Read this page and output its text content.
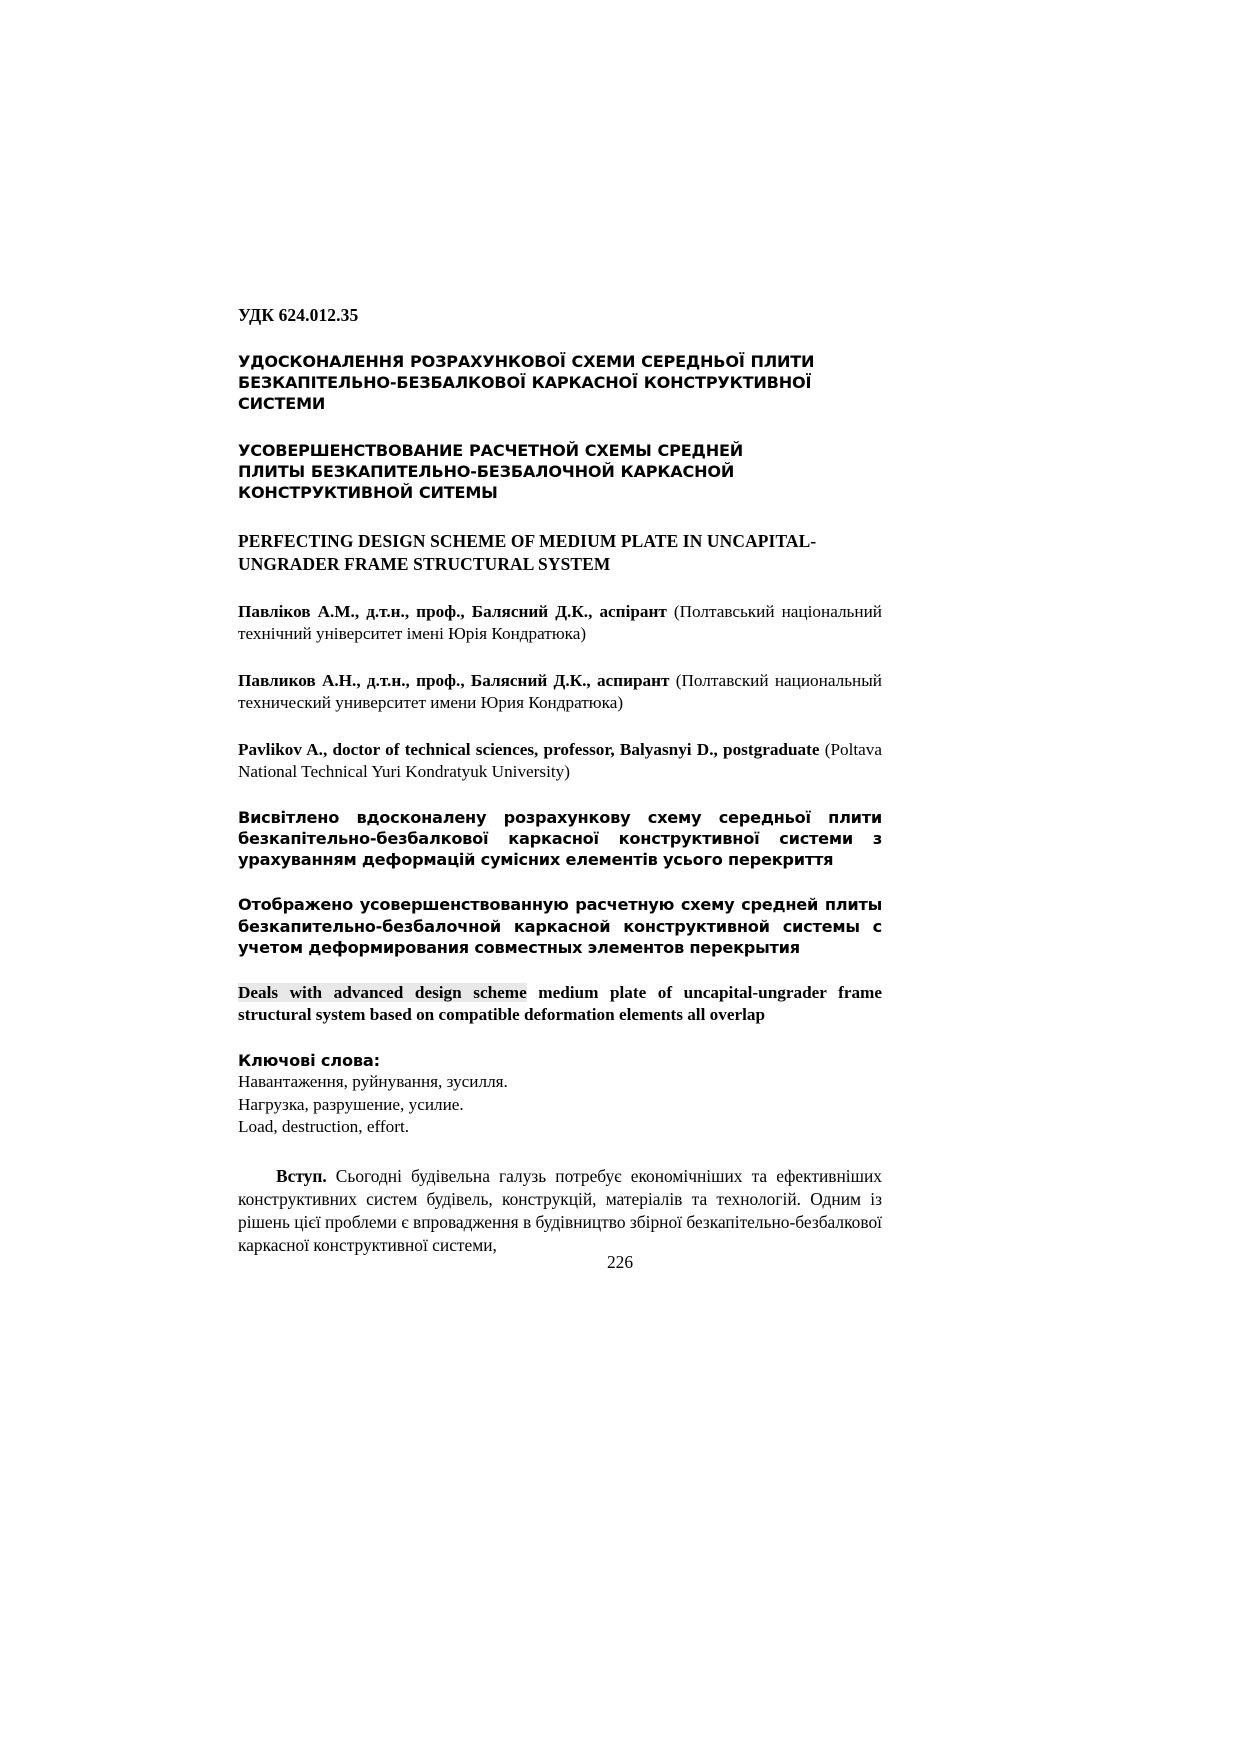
УДК 624.012.35

УДОСКОНАЛЕННЯ РОЗРАХУНКОВОЇ СХЕМИ СЕРЕДНЬОЇ ПЛИТИ
БЕЗКАПІТЕЛЬНО-БЕЗБАЛКОВОЇ КАРКАСНОЇ КОНСТРУКТИВНОЇ
СИСТЕМИ
УСОВЕРШЕНСТВОВАНИЕ РАСЧЕТНОЙ СХЕМЫ СРЕДНЕЙ
ПЛИТЫ БЕЗКАПИТЕЛЬНО-БЕЗБАЛОЧНОЙ КАРКАСНОЙ
КОНСТРУКТИВНОЙ СИТЕМЫ
PERFECTING DESIGN SCHEME OF MEDIUM PLATE IN UNCAPITAL-
UNGRADER FRAME STRUCTURAL SYSTEM

Павліков А.М., д.т.н., проф., Балясний Д.К., аспірант (Полтавський національний технічний університет імені Юрія Кондратюка)

Павликов А.Н., д.т.н., проф., Балясний Д.К., аспирант (Полтавский национальный технический университет имени Юрия Кондратюка)

Pavlikov A., doctor of technical sciences, professor, Balyasnyi D., postgraduate (Poltava National Technical Yuri Kondratyuk University)

Висвітлено вдосконалену розрахункову схему середньої плити безкапітельно-безбалкової каркасної конструктивної системи з урахуванням деформацій сумісних елементів усього перекриття

Отображено усовершенствованную расчетную схему средней плиты безкапительно-безбалочной каркасной конструктивной системы с учетом деформирования совместных элементов перекрытия

Deals with advanced design scheme medium plate of uncapital-ungrader frame structural system based on compatible deformation elements all overlap

Ключові слова:
Навантаження, руйнування, зусилля.
Нагрузка, разрушение, усилие.
Load, destruction, effort.

Вступ. Сьогодні будівельна галузь потребує економічніших та ефективніших конструктивних систем будівель, конструкцій, матеріалів та технологій. Одним із рішень цієї проблеми є впровадження в будівництво збірної безкапітельно-безбалкової каркасної конструктивної системи,

226
